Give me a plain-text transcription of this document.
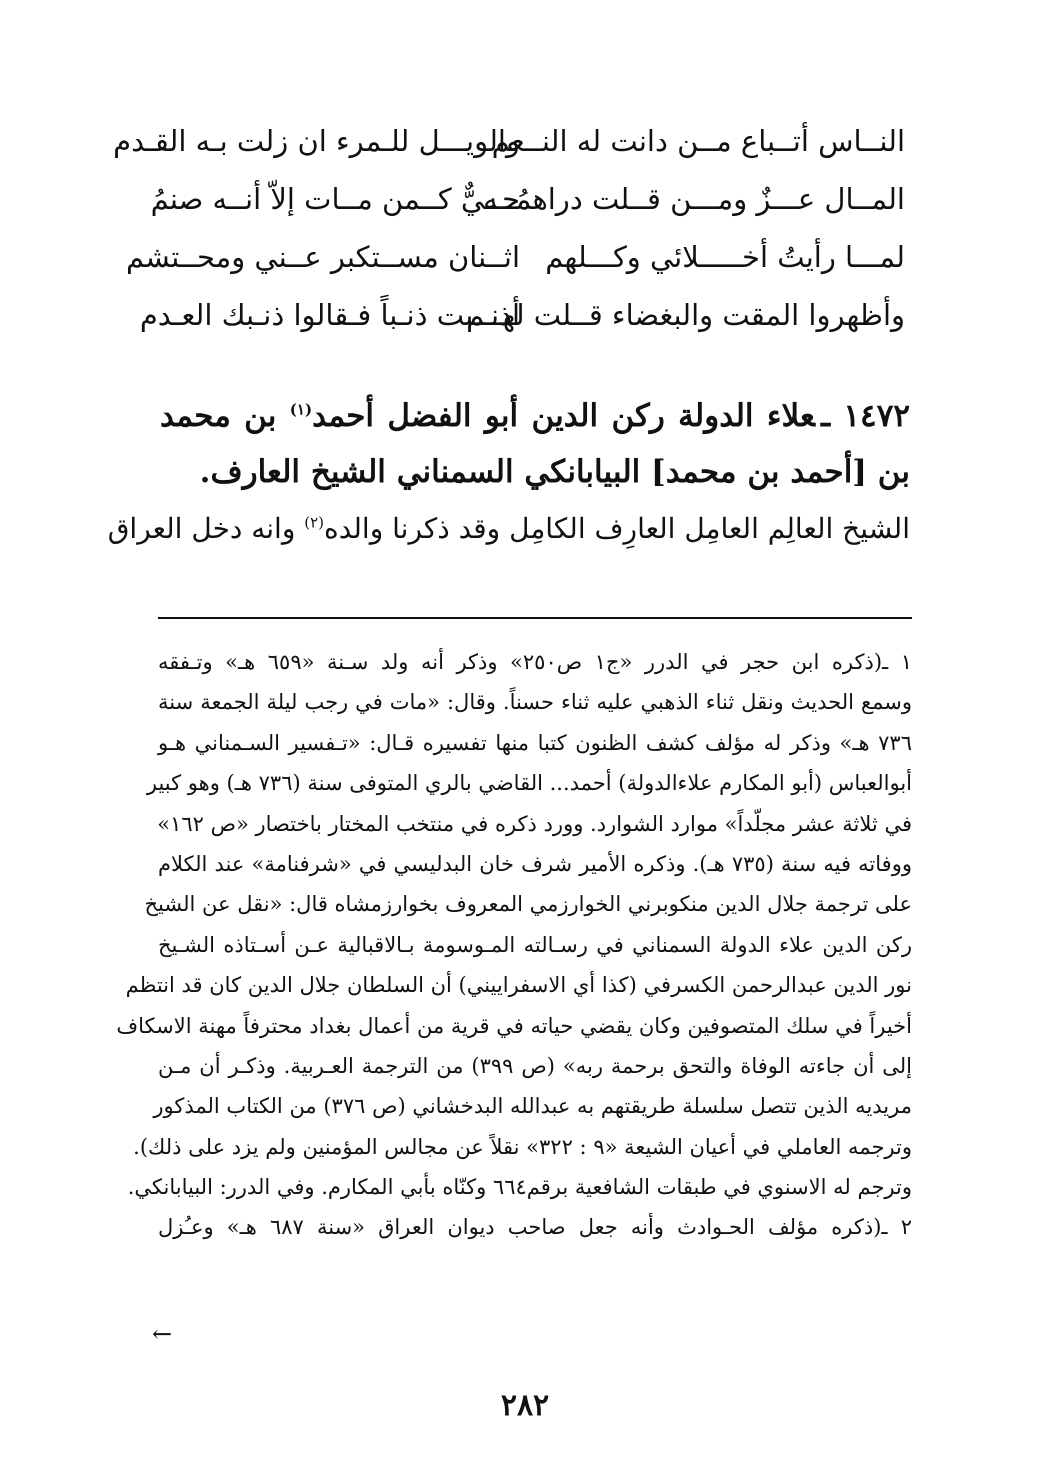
النــاس أتــباع مــن دانت له النــعم
والويـــل للـمرء ان زلت بـه القـدم
المــال عـــزٌ ومـــن قــلت دراهمُــه
حــيٌّ كــمن مــات إلاّ أنــه صنمُ
لمـــا رأيتُ أخـــــلائي وكـــلهم
اثــنان مســتكبر عــني ومحــتشم
وأظهروا المقت والبغضاء قــلت لهــم
أذنــبت ذنـباً فـقالوا ذنـبك العـدم

١٤٧٢ ـعلاء الدولة ركن الدين أبو الفضل أحمد$^{(١)}$ بن محمد بن [أحمد بن محمد] البيابانكي السمناني الشيخ العارف.

الشيخ العالِم العامِل العارِف الكامِل وقد ذكرنا والده$^{(٢)}$ وانه دخل العراق

١ ـ(ذكره ابن حجر في الدرر «ج١ ص٢٥٠» وذكر أنه ولد سـنة «٦٥٩ هـ» وتـفقه
وسمع الحديث ونقل ثناء الذهبي عليه ثناء حسناً. وقال: «مات في رجب ليلة الجمعة سنة
٧٣٦ هـ» وذكر له مؤلف كشف الظنون كتبا منها تفسيره قـال: «تـفسير السـمناني هـو
أبوالعباس (أبو المكارم علاءالدولة) أحمد... القاضي بالري المتوفى سنة (٧٣٦ هـ) وهو كبير
في ثلاثة عشر مجلّداً» موارد الشوارد. وورد ذكره في منتخب المختار باختصار «ص ١٦٢»
ووفاته فيه سنة (٧٣٥ هـ). وذكره الأمير شرف خان البدليسي في «شرفنامة» عند الكلام
على ترجمة جلال الدين منكوبرني الخوارزمي المعروف بخوارزمشاه قال: «نقل عن الشيخ
ركن الدين علاء الدولة السمناني في رسـالته المـوسومة بـالاقبالية عـن أسـتاذه الشـيخ
نور الدين عبدالرحمن الكسرفي (كذا أي الاسفراييني) أن السلطان جلال الدين كان قد انتظم
أخيراً في سلك المتصوفين وكان يقضي حياته في قرية من أعمال بغداد محترفاً مهنة الاسكاف
إلى أن جاءته الوفاة والتحق برحمة ربه» (ص ٣٩٩) من الترجمة العـربية. وذكـر أن مـن
مريديه الذين تتصل سلسلة طريقتهم به عبدالله البدخشاني (ص ٣٧٦) من الكتاب المذكور
وترجمه العاملي في أعيان الشيعة «٩ : ٣٢٢» نقلاً عن مجالس المؤمنين ولم يزد على ذلك).
وترجم له الاسنوي في طبقات الشافعية برقم٦٦٤ وكنّاه بأبي المكارم. وفي الدرر: البيابانكي.
٢ ـ(ذكره مؤلف الحـوادث وأنه جعل صاحب ديوان العراق «سنة ٦٨٧ هـ» وعـُزل
←
٢٨٢
